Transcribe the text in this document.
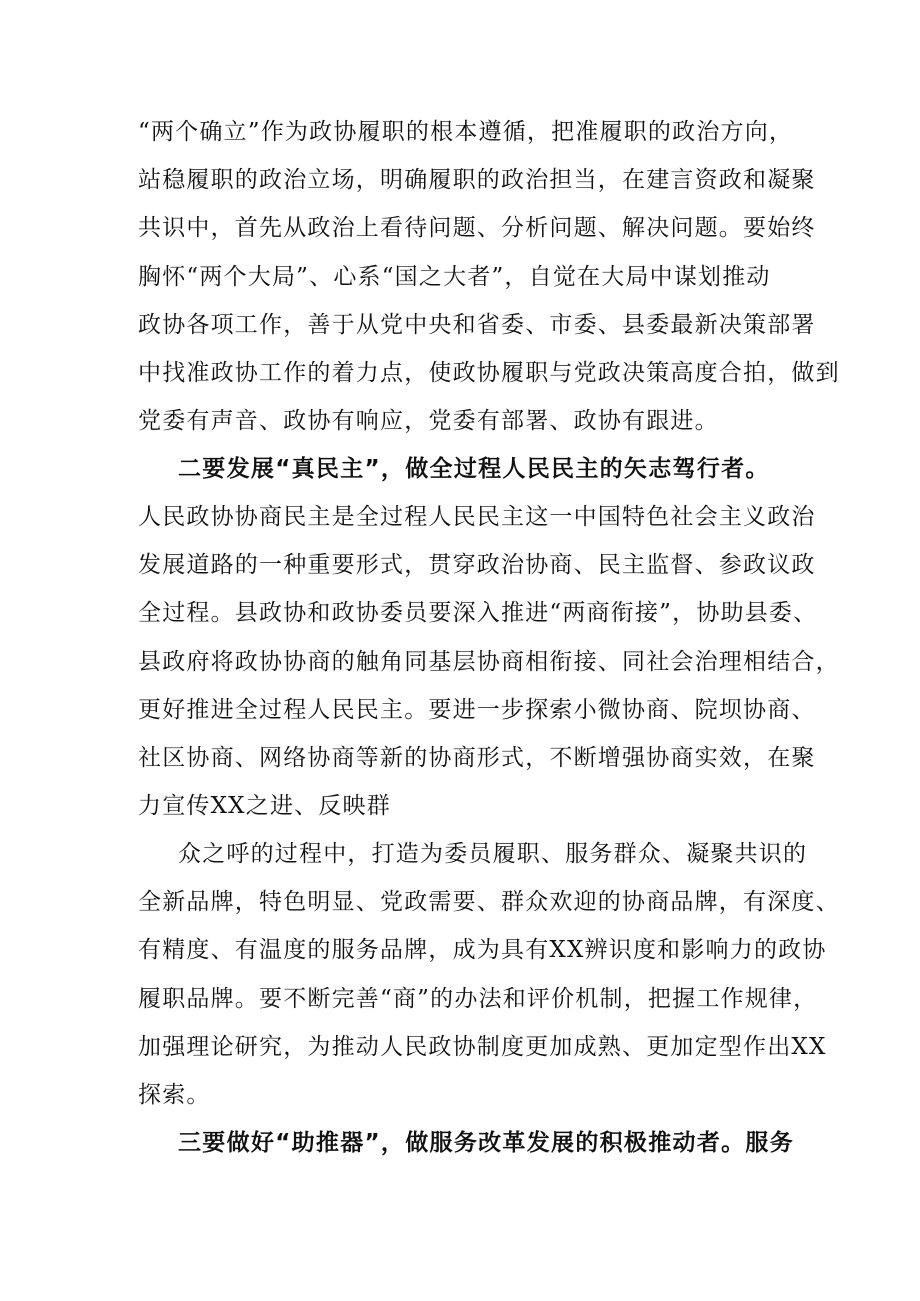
“两个确立”作为政协履职的根本遵循，把准履职的政治方向，

站稳履职的政治立场，明确履职的政治担当，在建言资政和凝聚

共识中，首先从政治上看待问题、分析问题、解决问题。要始终

胸怀“两个大局”、心系“国之大者”，自觉在大局中谋划推动

政协各项工作，善于从党中央和省委、市委、县委最新决策部署

中找准政协工作的着力点，使政协履职与党政决策高度合拍，做到

党委有声音、政协有响应，党委有部署、政协有跟进。

二要发展“真民主”，做全过程人民民主的矢志驾行者。

人民政协协商民主是全过程人民民主这一中国特色社会主义政治

发展道路的一种重要形式，贯穿政治协商、民主监督、参政议政

全过程。县政协和政协委员要深入推进“两商衔接”，协助县委、

县政府将政协协商的触角同基层协商相衔接、同社会治理相结合，

更好推进全过程人民民主。要进一步探索小微协商、院坝协商、

社区协商、网络协商等新的协商形式，不断增强协商实效，在聚

力宣传XX之进、反映群

众之呼的过程中，打造为委员履职、服务群众、凝聚共识的

全新品牌，特色明显、党政需要、群众欢迎的协商品牌，有深度、

有精度、有温度的服务品牌，成为具有XX辨识度和影响力的政协

履职品牌。要不断完善“商”的办法和评价机制，把握工作规律，

加强理论研究，为推动人民政协制度更加成熟、更加定型作出XX

探索。

三要做好“助推器”，做服务改革发展的积极推动者。服务
